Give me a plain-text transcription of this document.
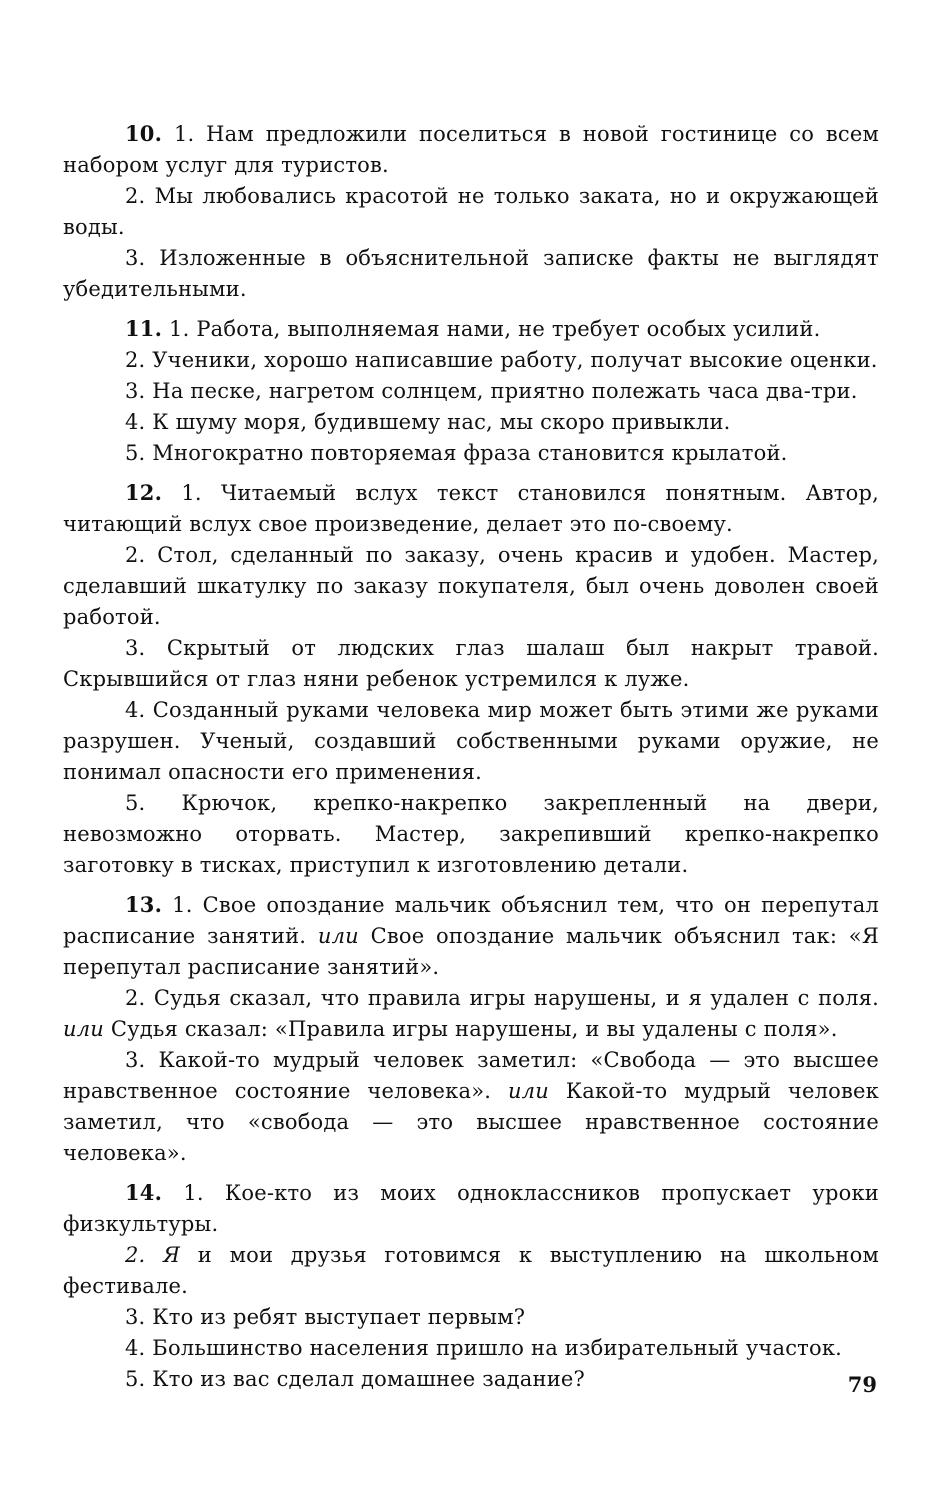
10. 1. Нам предложили поселиться в новой гостинице со всем набором услуг для туристов.

2. Мы любовались красотой не только заката, но и окружающей воды.

3. Изложенные в объяснительной записке факты не выглядят убедительными.

11. 1. Работа, выполняемая нами, не требует особых усилий.

2. Ученики, хорошо написавшие работу, получат высокие оценки.

3. На песке, нагретом солнцем, приятно полежать часа два-три.

4. К шуму моря, будившему нас, мы скоро привыкли.

5. Многократно повторяемая фраза становится крылатой.

12. 1. Читаемый вслух текст становился понятным. Автор, читающий вслух свое произведение, делает это по-своему.

2. Стол, сделанный по заказу, очень красив и удобен. Мастер, сделавший шкатулку по заказу покупателя, был очень доволен своей работой.

3. Скрытый от людских глаз шалаш был накрыт травой. Скрывшийся от глаз няни ребенок устремился к луже.

4. Созданный руками человека мир может быть этими же руками разрушен. Ученый, создавший собственными руками оружие, не понимал опасности его применения.

5. Крючок, крепко-накрепко закрепленный на двери, невозможно оторвать. Мастер, закрепивший крепко-накрепко заготовку в тисках, приступил к изготовлению детали.

13. 1. Свое опоздание мальчик объяснил тем, что он перепутал расписание занятий. или Свое опоздание мальчик объяснил так: «Я перепутал расписание занятий».

2. Судья сказал, что правила игры нарушены, и я удален с поля. или Судья сказал: «Правила игры нарушены, и вы удалены с поля».

3. Какой-то мудрый человек заметил: «Свобода — это высшее нравственное состояние человека». или Какой-то мудрый человек заметил, что «свобода — это высшее нравственное состояние человека».

14. 1. Кое-кто из моих одноклассников пропускает уроки физкультуры.

2. Я и мои друзья готовимся к выступлению на школьном фестивале.

3. Кто из ребят выступает первым?

4. Большинство населения пришло на избирательный участок.

5. Кто из вас сделал домашнее задание?	79
